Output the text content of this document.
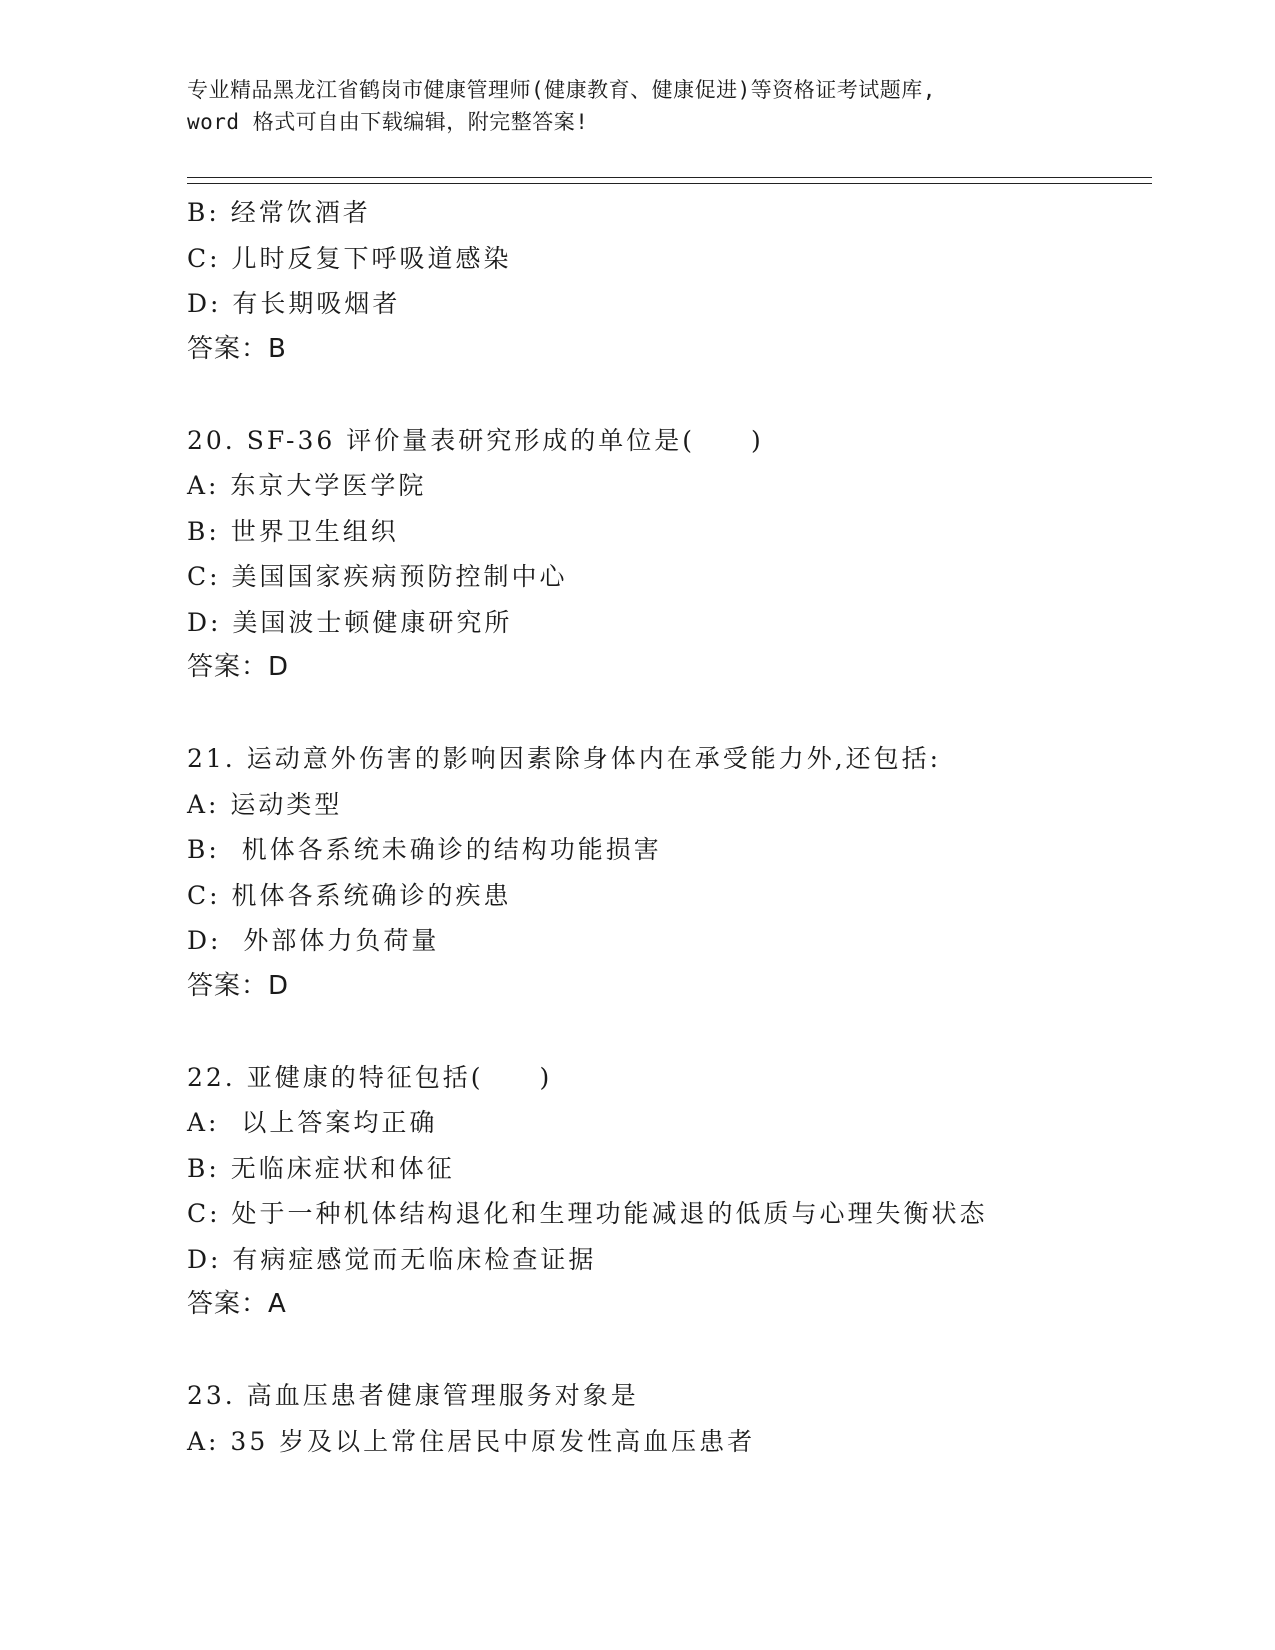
专业精品黑龙江省鹤岗市健康管理师(健康教育、健康促进)等资格证考试题库,
word 格式可自由下载编辑，附完整答案!
B: 经常饮酒者
C: 儿时反复下呼吸道感染
D: 有长期吸烟者
答案：B
20. SF-36 评价量表研究形成的单位是(　　)
A: 东京大学医学院
B: 世界卫生组织
C: 美国国家疾病预防控制中心
D: 美国波士顿健康研究所
答案：D
21. 运动意外伤害的影响因素除身体内在承受能力外,还包括:
A: 运动类型
B:  机体各系统未确诊的结构功能损害
C: 机体各系统确诊的疾患
D:  外部体力负荷量
答案：D
22. 亚健康的特征包括(　　)
A:  以上答案均正确
B: 无临床症状和体征
C: 处于一种机体结构退化和生理功能减退的低质与心理失衡状态
D: 有病症感觉而无临床检查证据
答案：A
23. 高血压患者健康管理服务对象是
A: 35 岁及以上常住居民中原发性高血压患者
